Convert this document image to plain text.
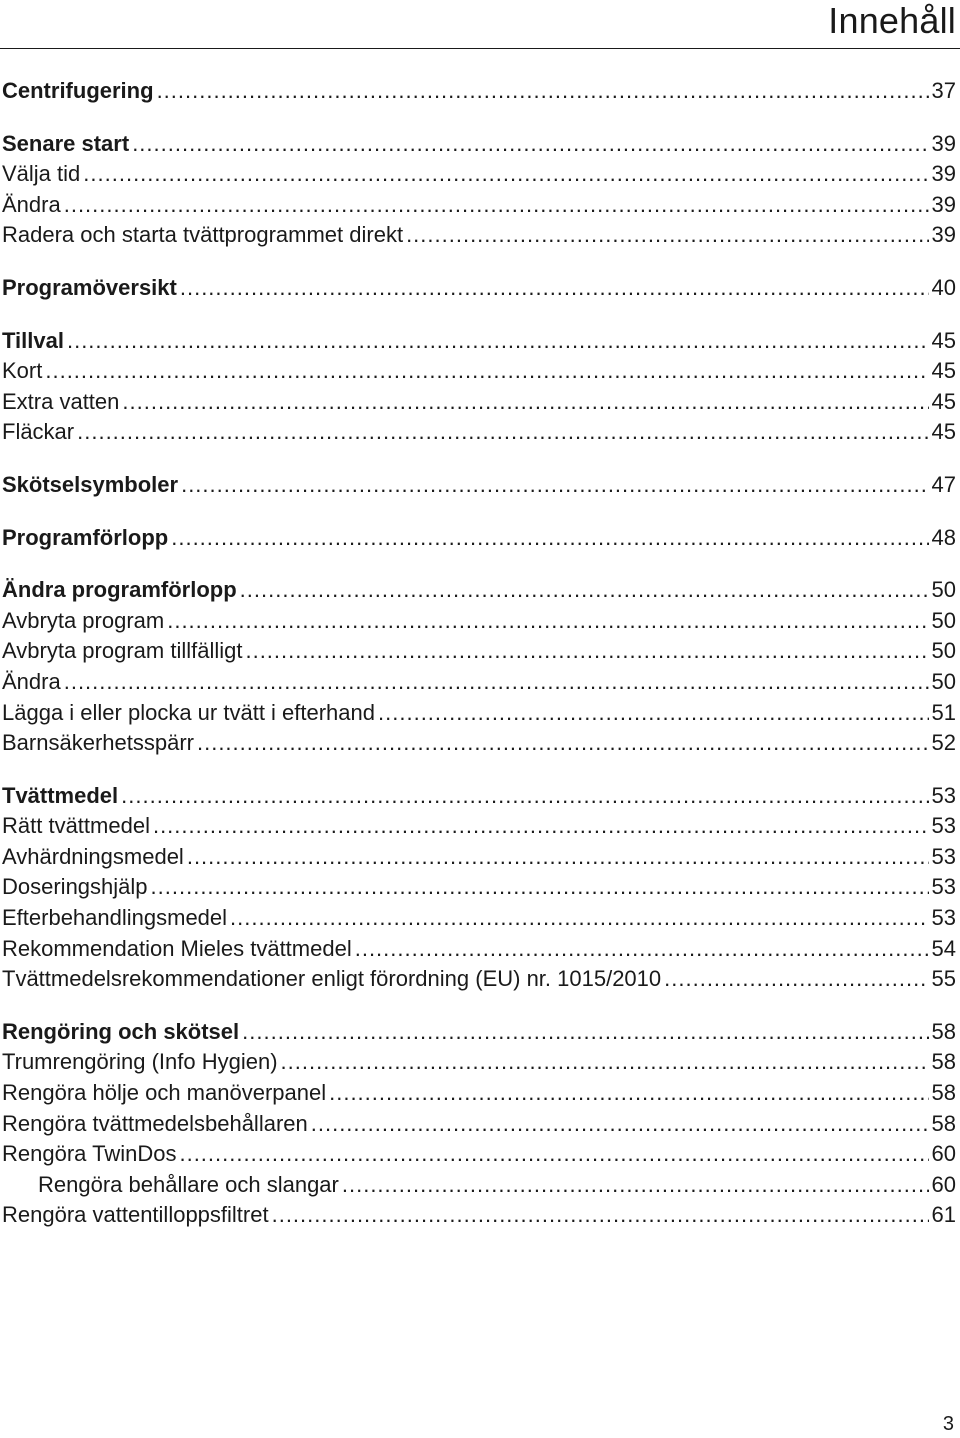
Innehåll
Centrifugering .....	37
Senare start .....	39
Välja tid .....	39
Ändra .....	39
Radera och starta tvättprogrammet direkt .....	39
Programöversikt .....	40
Tillval .....	45
Kort .....	45
Extra vatten .....	45
Fläckar .....	45
Skötselsymboler .....	47
Programförlopp .....	48
Ändra programförlopp .....	50
Avbryta program .....	50
Avbryta program tillfälligt .....	50
Ändra .....	50
Lägga i eller plocka ur tvätt i efterhand .....	51
Barnsäkerhetsspärr .....	52
Tvättmedel .....	53
Rätt tvättmedel .....	53
Avhärdningsmedel .....	53
Doseringshjälp .....	53
Efterbehandlingsmedel .....	53
Rekommendation Mieles tvättmedel .....	54
Tvättmedelsrekommendationer enligt förordning (EU) nr. 1015/2010 .....	55
Rengöring och skötsel .....	58
Trumrengöring (Info Hygien) .....	58
Rengöra hölje och manöverpanel .....	58
Rengöra tvättmedelsbehållaren .....	58
Rengöra TwinDos .....	60
Rengöra behållare och slangar .....	60
Rengöra vattentilloppsfiltret .....	61
3
